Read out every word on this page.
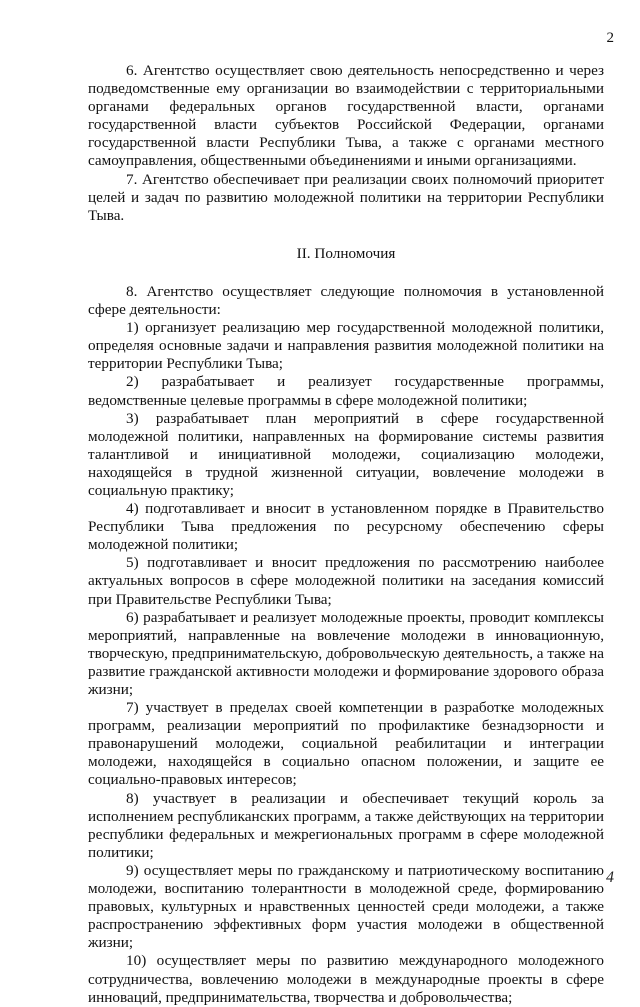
2

6. Агентство осуществляет свою деятельность непосредственно и через подведомственные ему организации во взаимодействии с территориальными органами федеральных органов государственной власти, органами государственной власти субъектов Российской Федерации, органами государственной власти Республики Тыва, а также с органами местного самоуправления, общественными объединениями и иными организациями.

7. Агентство обеспечивает при реализации своих полномочий приоритет целей и задач по развитию молодежной политики на территории Республики Тыва.

II. Полномочия

8. Агентство осуществляет следующие полномочия в установленной сфере деятельности:

1) организует реализацию мер государственной молодежной политики, определяя основные задачи и направления развития молодежной политики на территории Республики Тыва;

2) разрабатывает и реализует государственные программы, ведомственные целевые программы в сфере молодежной политики;

3) разрабатывает план мероприятий в сфере государственной молодежной политики, направленных на формирование системы развития талантливой и инициативной молодежи, социализацию молодежи, находящейся в трудной жизненной ситуации, вовлечение молодежи в социальную практику;

4) подготавливает и вносит в установленном порядке в Правительство Республики Тыва предложения по ресурсному обеспечению сферы молодежной политики;

5) подготавливает и вносит предложения по рассмотрению наиболее актуальных вопросов в сфере молодежной политики на заседания комиссий при Правительстве Республики Тыва;

6) разрабатывает и реализует молодежные проекты, проводит комплексы мероприятий, направленные на вовлечение молодежи в инновационную, творческую, предпринимательскую, добровольческую деятельность, а также на развитие гражданской активности молодежи и формирование здорового образа жизни;

7) участвует в пределах своей компетенции в разработке молодежных программ, реализации мероприятий по профилактике безнадзорности и правонарушений молодежи, социальной реабилитации и интеграции молодежи, находящейся в социально опасном положении, и защите ее социально-правовых интересов;

8) участвует в реализации и обеспечивает текущий король за исполнением республиканских программ, а также действующих на территории республики федеральных и межрегиональных программ в сфере молодежной политики;

9) осуществляет меры по гражданскому и патриотическому воспитанию молодежи, воспитанию толерантности в молодежной среде, формированию правовых, культурных и нравственных ценностей среди молодежи, а также распространению эффективных форм участия молодежи в общественной жизни;

10) осуществляет меры по развитию международного молодежного сотрудничества, вовлечению молодежи в международные проекты в сфере инноваций, предпринимательства, творчества и добровольчества;

4
